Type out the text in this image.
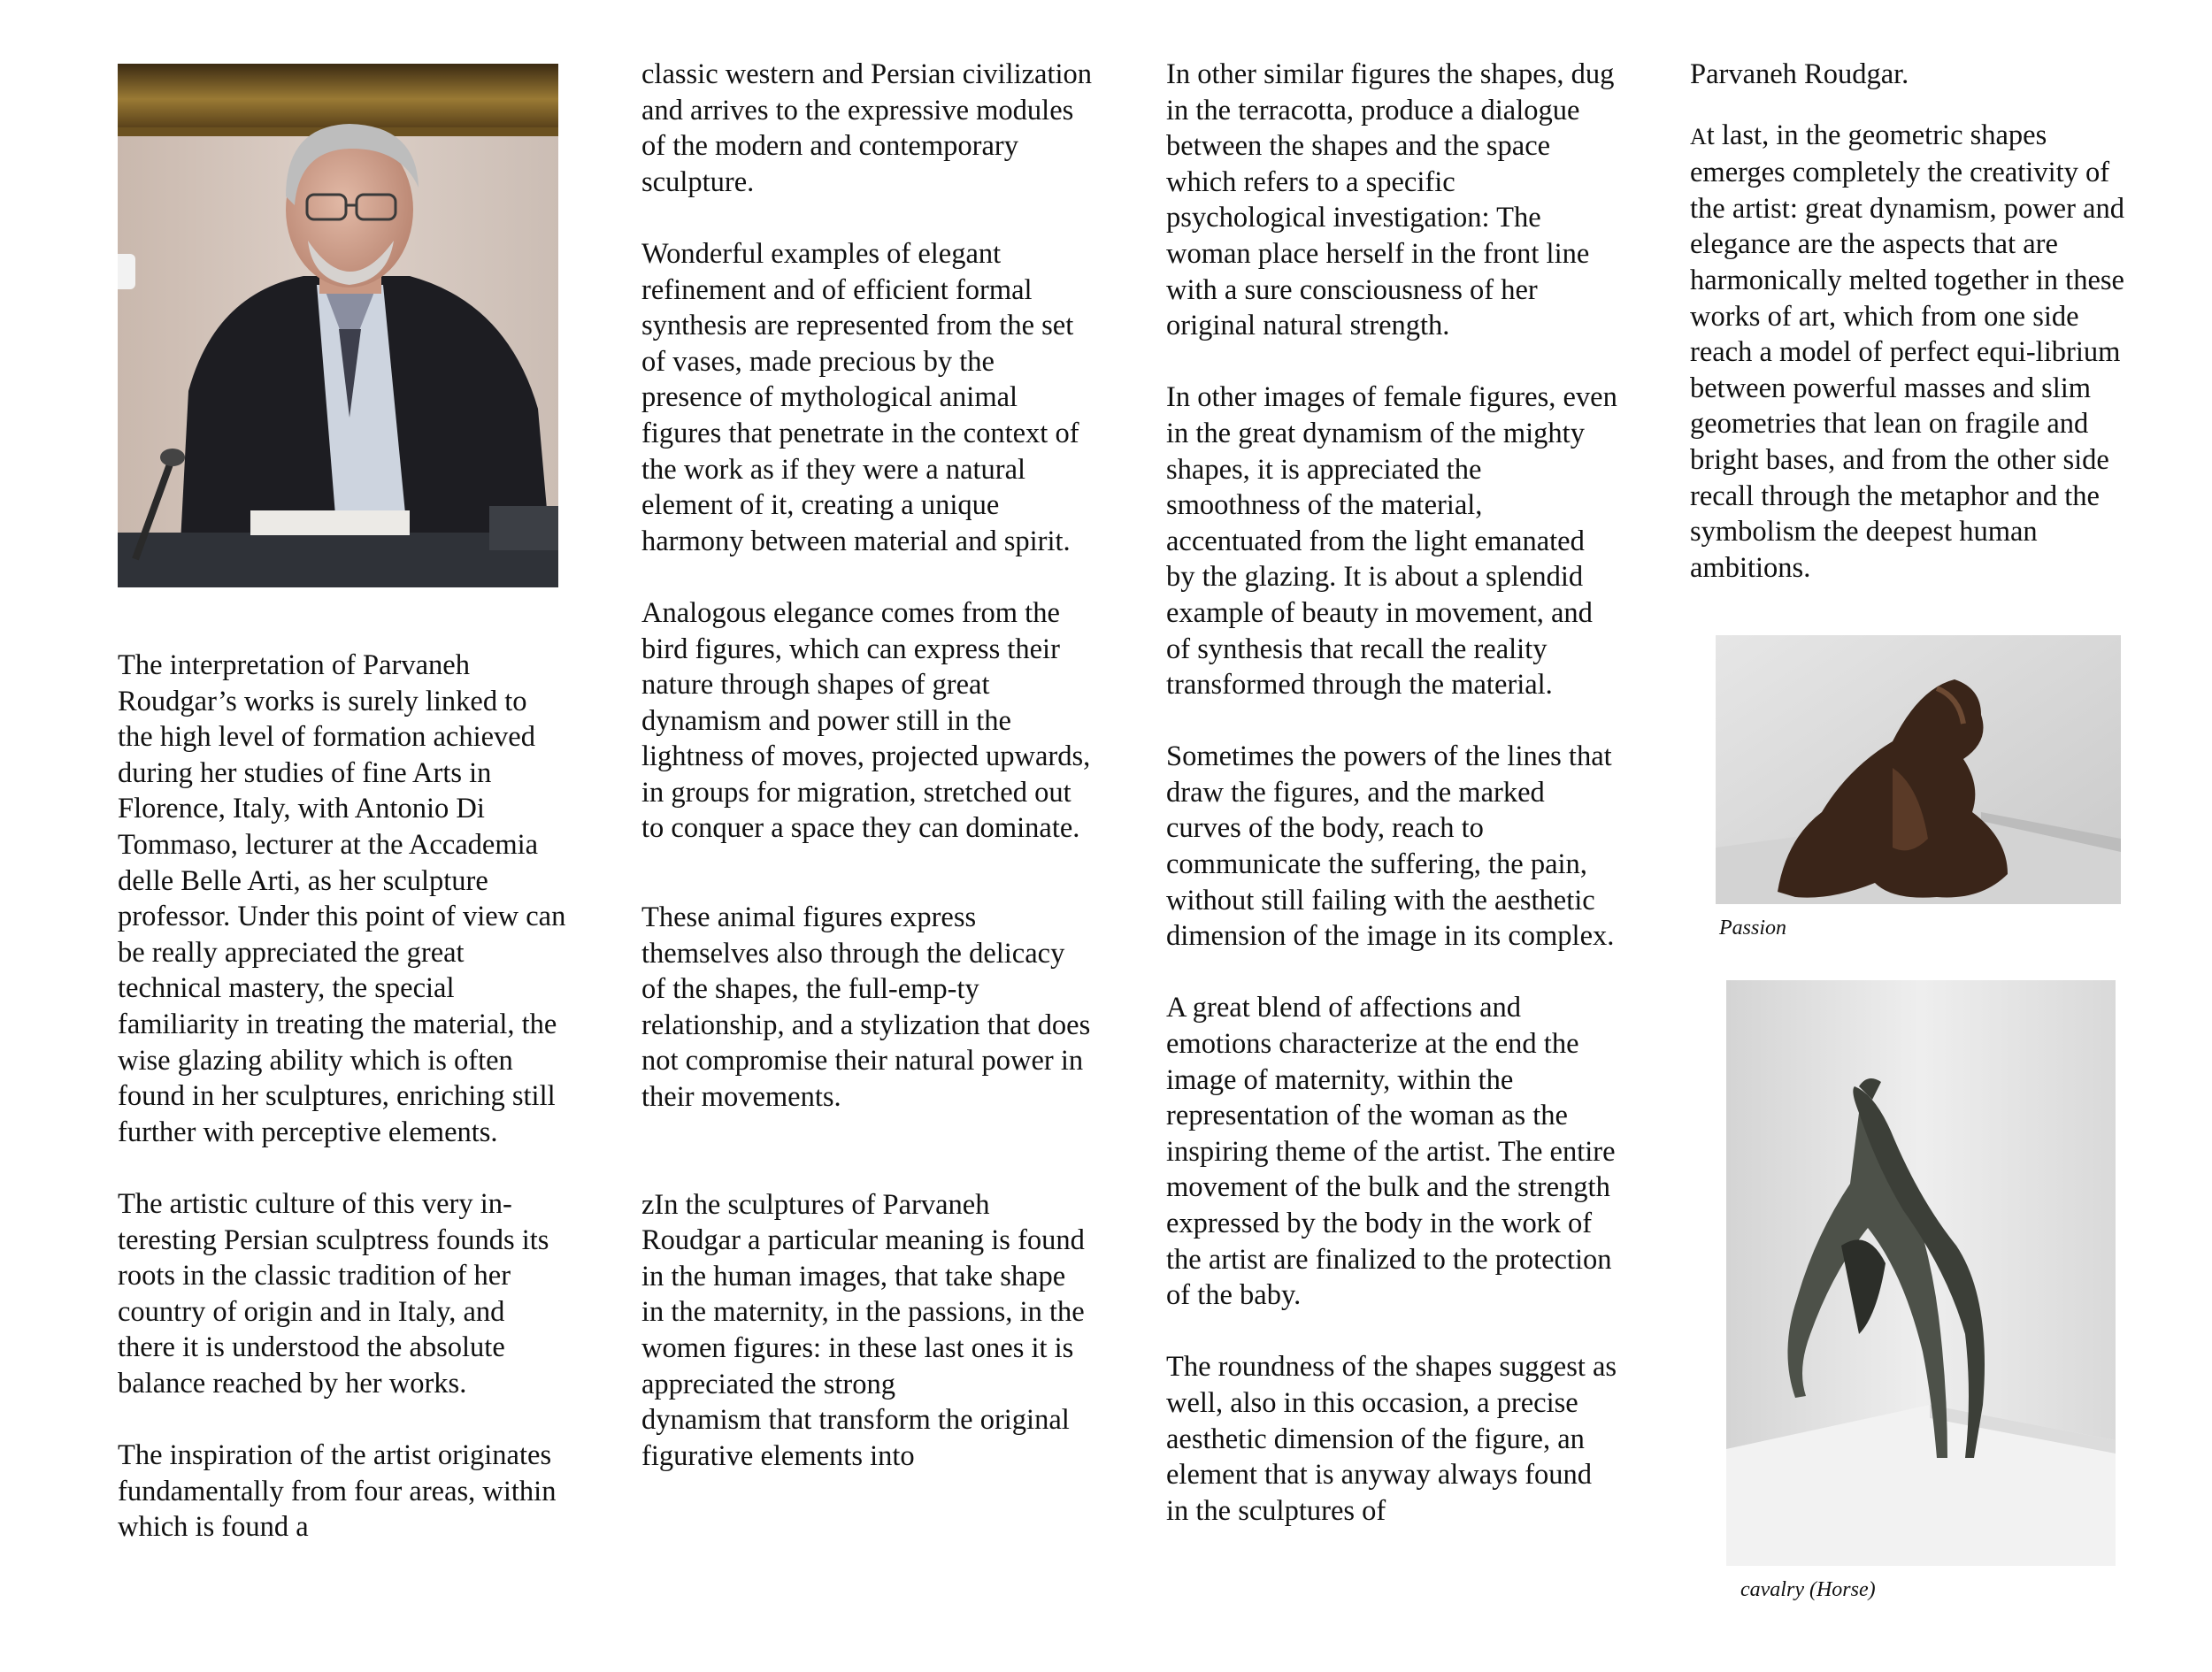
The interpretation of Parvaneh Roudgar’s works is surely linked to the high level of formation achieved during her studies of fine Arts in Florence, Italy, with Antonio Di Tommaso, lecturer at the Accademia delle Belle Arti, as her sculpture professor. Under this point of view can be really appreciated the great technical mastery, the special familiarity in treating the material, the wise glazing ability which is often found in her sculptures, enriching still further with perceptive elements.

The artistic culture of this very in-teresting Persian sculptress founds its roots in the classic tradition of her country of origin and in Italy, and there it is understood the absolute balance reached by her works.

The inspiration of the artist originates fundamentally from four areas, within which is found a

classic western and Persian civilization and arrives to the expressive modules of the modern and contemporary sculpture.

Wonderful examples of elegant refinement and of efficient formal synthesis are represented from the set of vases, made precious by the presence of mythological animal figures that penetrate in the context of the work as if they were a natural element of it, creating a unique harmony between material and spirit.

Analogous elegance comes from the bird figures, which can express their nature through shapes of great dynamism and power still in the lightness of moves, projected upwards, in groups for migration, stretched out to conquer a space they can dominate.

These animal figures express themselves also through the delicacy of the shapes, the full-emp-ty relationship, and a stylization that does not compromise their natural power in their movements.

zIn the sculptures of Parvaneh Roudgar a particular meaning is found in the human images, that take shape in the maternity, in the passions, in the women figures: in these last ones it is appreciated the strong

dynamism that transform the original figurative elements into

In other similar figures the shapes, dug in the terracotta, produce a dialogue between the shapes and the space which refers to a specific psychological investigation: The woman place herself in the front line with a sure consciousness of her original natural strength.

In other images of female figures, even in the great dynamism of the mighty shapes, it is appreciated the smoothness of the material, accentuated from the light emanated by the glazing. It is about a splendid example of beauty in movement, and of synthesis that recall the reality transformed through the material.

Sometimes the powers of the lines that draw the figures, and the marked curves of the body, reach to communicate the suffering, the pain, without still failing with the aesthetic dimension of the image in its complex.

A great blend of affections and emotions characterize at the end the image of maternity, within the representation of the woman as the inspiring theme of the artist. The entire movement of the bulk and the strength expressed by the body in the work of the artist are finalized to the protection of the baby.

The roundness of the shapes suggest as well, also in this occasion, a precise aesthetic dimension of the figure, an element that is anyway always found in the sculptures of

Parvaneh Roudgar.

At last, in the geometric shapes emerges completely the creativity of the artist: great dynamism, power and elegance are the aspects that are harmonically melted together in these works of art, which from one side reach a model of perfect equi-librium between powerful masses and slim geometries that lean on fragile and bright bases, and from the other side recall through the metaphor and the symbolism the deepest human ambitions.

Passion
cavalry (Horse)
